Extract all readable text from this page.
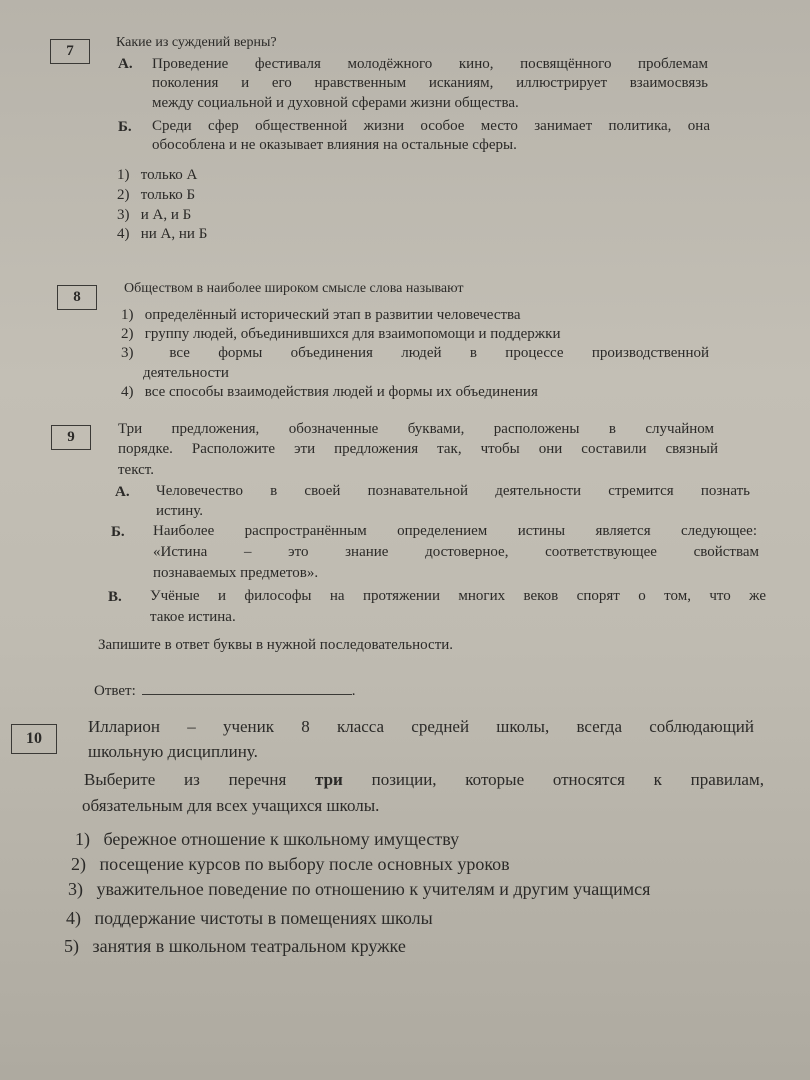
7
Какие из суждений верны?
А. Проведение фестиваля молодёжного кино, посвящённого проблемам
поколения и его нравственным исканиям, иллюстрирует взаимосвязь
между социальной и духовной сферами жизни общества.
Б. Среди сфер общественной жизни особое место занимает политика, она
обособлена и не оказывает влияния на остальные сферы.
1) только А
2) только Б
3) и А, и Б
4) ни А, ни Б
8
Обществом в наиболее широком смысле слова называют
1) определённый исторический этап в развитии человечества
2) группу людей, объединившихся для взаимопомощи и поддержки
3) все формы объединения людей в процессе производственной
деятельности
4) все способы взаимодействия людей и формы их объединения
9	Три предложения, обозначенные буквами, расположены в случайном
порядке. Расположите эти предложения так, чтобы они составили связный
текст.
А. Человечество в своей познавательной деятельности стремится познать
истину.
Б. Наиболее распространённым определением истины является следующее:
«Истина – это знание достоверное, соответствующее свойствам
познаваемых предметов».
В. Учёные и философы на протяжении многих веков спорят о том, что же
такое истина.
Запишите в ответ буквы в нужной последовательности.
Ответ:	.
10
Илларион – ученик 8 класса средней школы, всегда соблюдающий
школьную дисциплину.
Выберите из перечня три позиции, которые относятся к правилам,
обязательным для всех учащихся школы.
1) бережное отношение к школьному имуществу
2) посещение курсов по выбору после основных уроков
3) уважительное поведение по отношению к учителям и другим учащимся
4) поддержание чистоты в помещениях школы
5) занятия в школьном театральном кружке
